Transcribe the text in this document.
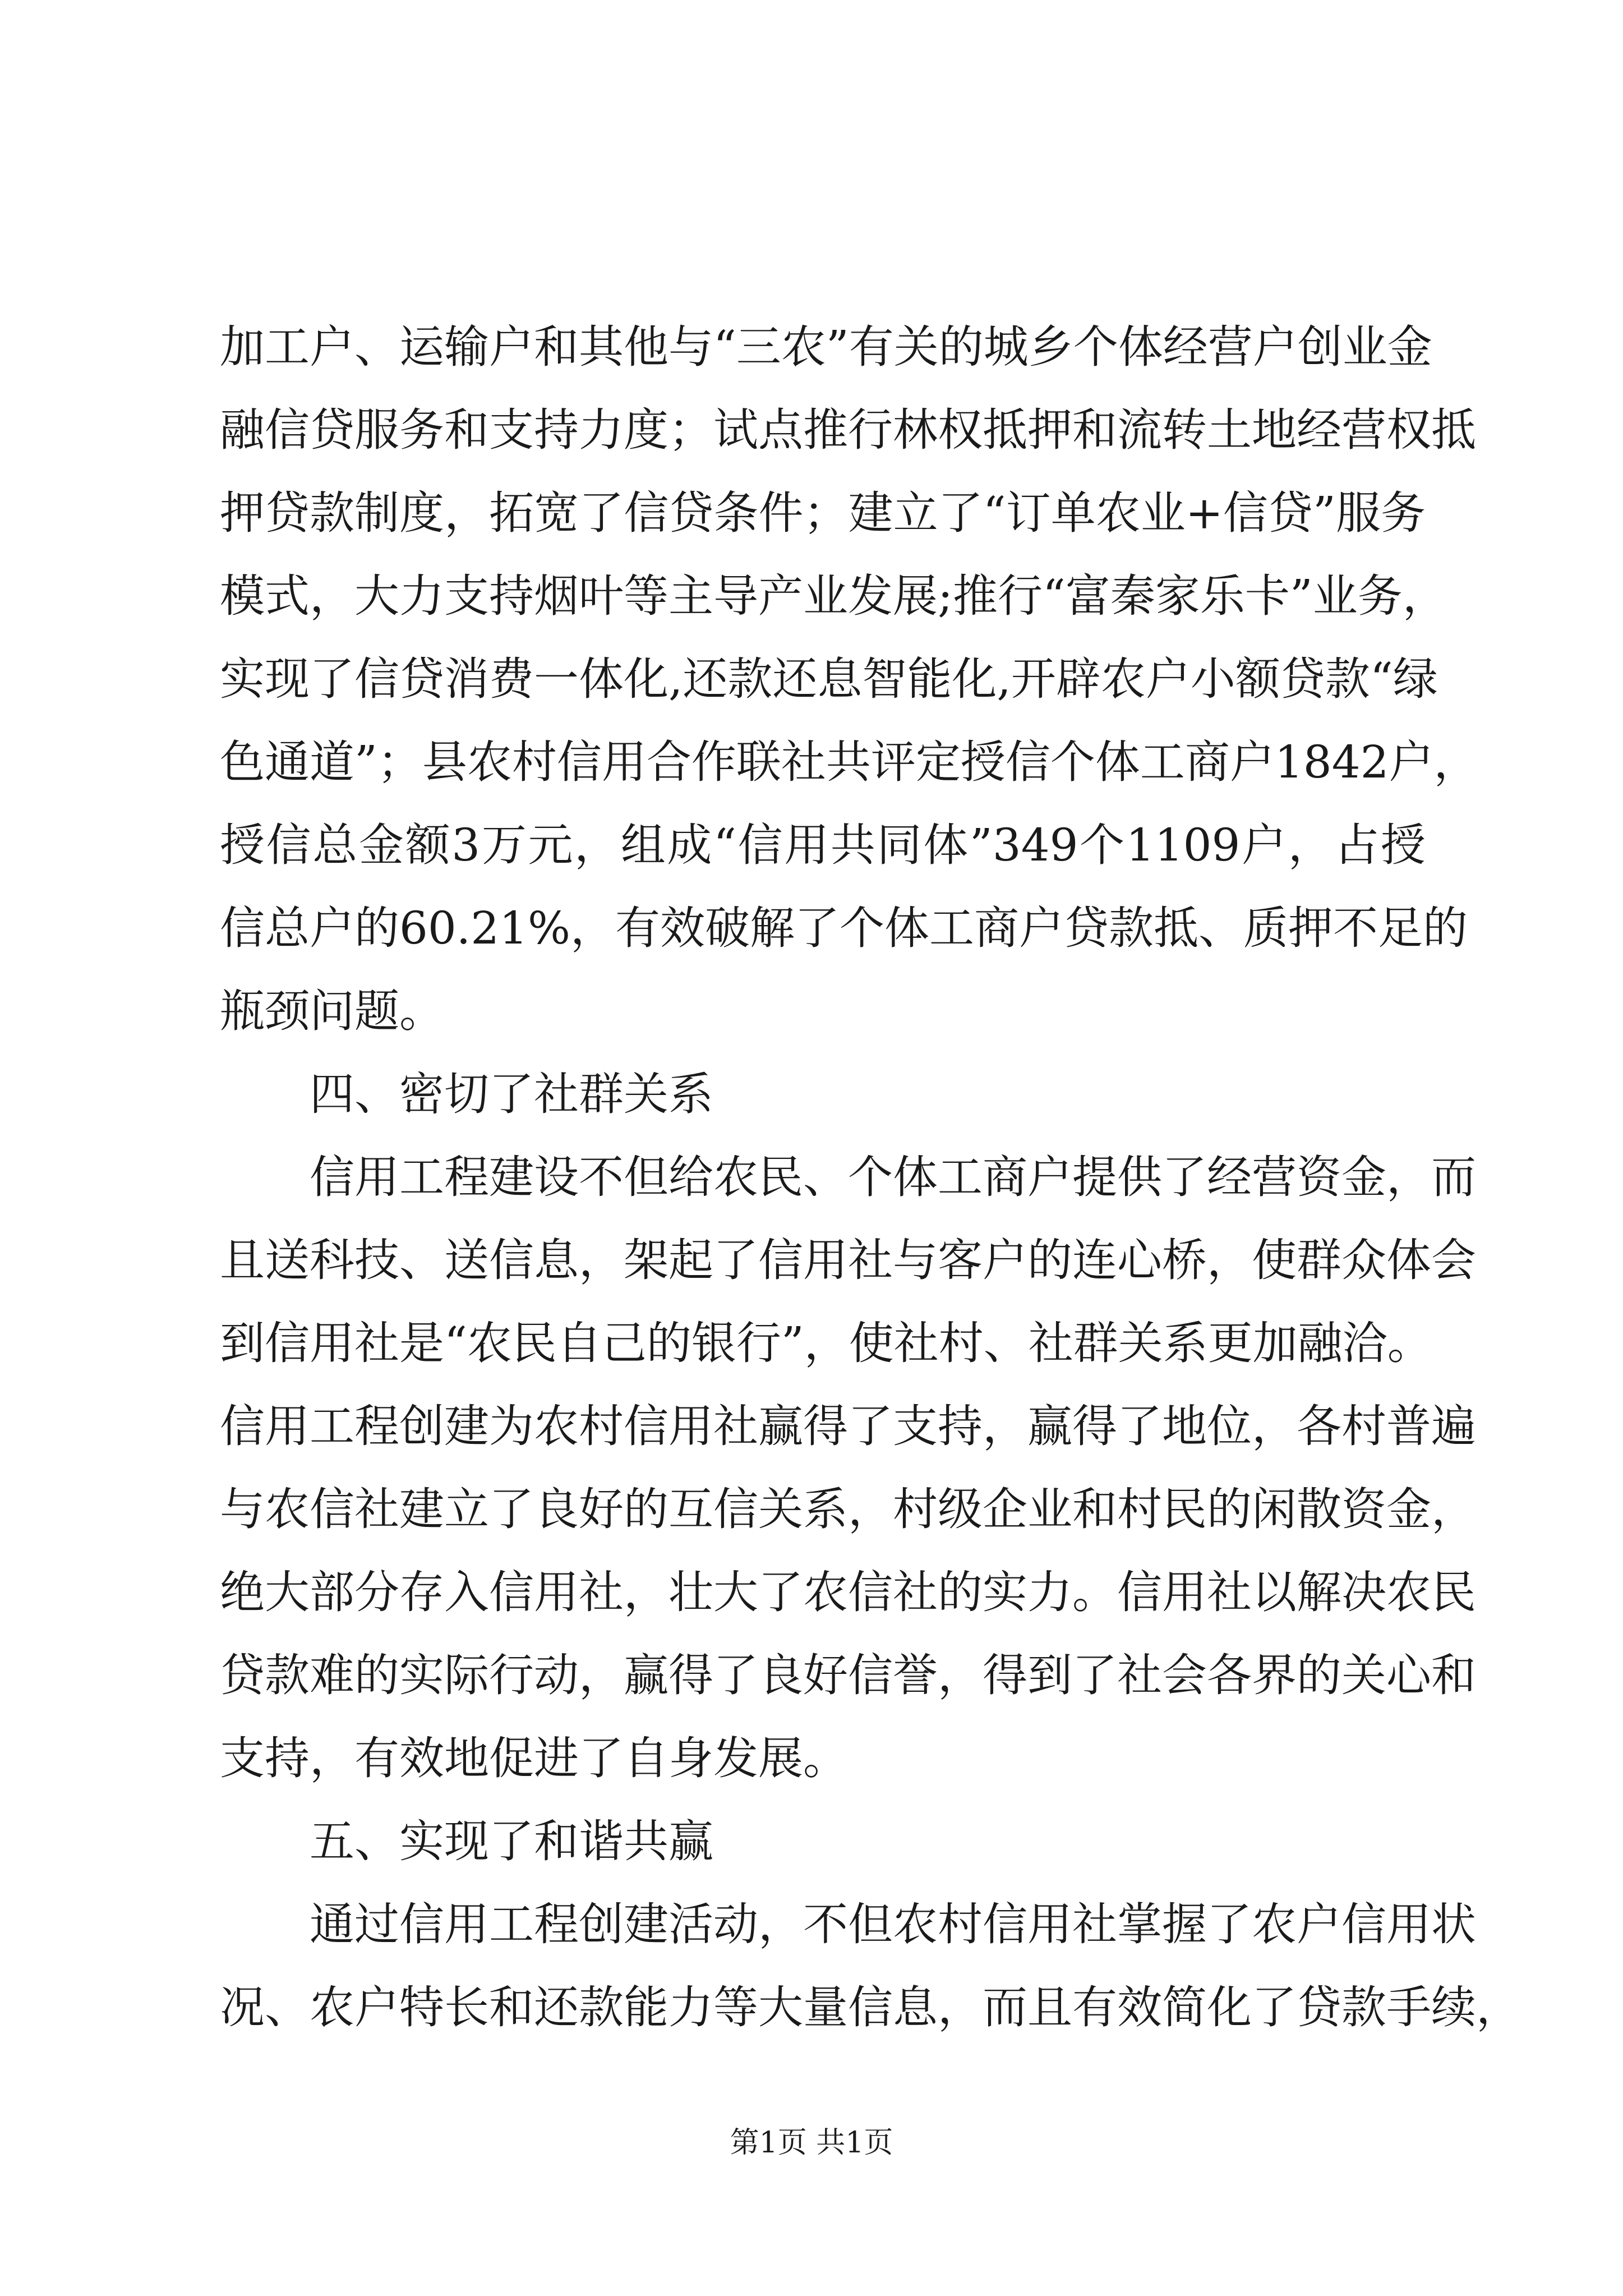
加工户、运输户和其他与“三农”有关的城乡个体经营户创业金
融信贷服务和支持力度；试点推行林权抵押和流转土地经营权抵
押贷款制度，拓宽了信贷条件；建立了“订单农业+信贷”服务
模式，大力支持烟叶等主导产业发展;推行“富秦家乐卡”业务，
实现了信贷消费一体化,还款还息智能化,开辟农户小额贷款“绿
色通道”；县农村信用合作联社共评定授信个体工商户1842户，
授信总金额3万元，组成“信用共同体”349个1109户，占授
信总户的60.21%，有效破解了个体工商户贷款抵、质押不足的
瓶颈问题。
四、密切了社群关系
信用工程建设不但给农民、个体工商户提供了经营资金，而
且送科技、送信息，架起了信用社与客户的连心桥，使群众体会
到信用社是“农民自己的银行”，使社村、社群关系更加融洽。
信用工程创建为农村信用社赢得了支持，赢得了地位，各村普遍
与农信社建立了良好的互信关系，村级企业和村民的闲散资金，
绝大部分存入信用社，壮大了农信社的实力。信用社以解决农民
贷款难的实际行动，赢得了良好信誉，得到了社会各界的关心和
支持，有效地促进了自身发展。
五、实现了和谐共赢
通过信用工程创建活动，不但农村信用社掌握了农户信用状
况、农户特长和还款能力等大量信息，而且有效简化了贷款手续，
第1页 共1页
